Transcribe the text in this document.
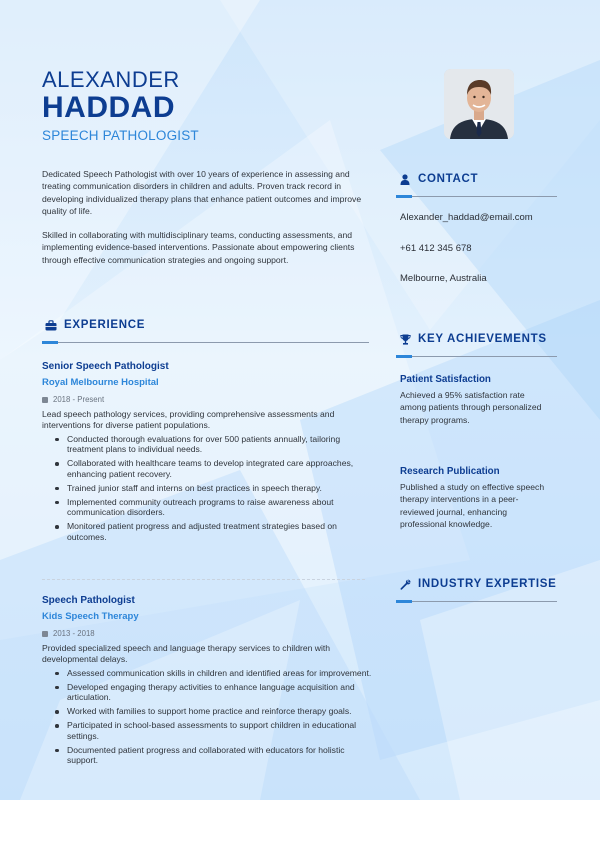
ALEXANDER
HADDAD
SPEECH PATHOLOGIST

Dedicated Speech Pathologist with over 10 years of experience in assessing and treating communication disorders in children and adults. Proven track record in developing individualized therapy plans that enhance patient outcomes and improve quality of life.

Skilled in collaborating with multidisciplinary teams, conducting assessments, and implementing evidence-based interventions. Passionate about empowering clients through effective communication strategies and ongoing support.

EXPERIENCE
Senior Speech Pathologist
Royal Melbourne Hospital
2018 - Present
Lead speech pathology services, providing comprehensive assessments and interventions for diverse patient populations.
Conducted thorough evaluations for over 500 patients annually, tailoring treatment plans to individual needs.
Collaborated with healthcare teams to develop integrated care approaches, enhancing patient recovery.
Trained junior staff and interns on best practices in speech therapy.
Implemented community outreach programs to raise awareness about communication disorders.
Monitored patient progress and adjusted treatment strategies based on outcomes.
Speech Pathologist
Kids Speech Therapy
2013 - 2018
Provided specialized speech and language therapy services to children with developmental delays.
Assessed communication skills in children and identified areas for improvement.
Developed engaging therapy activities to enhance language acquisition and articulation.
Worked with families to support home practice and reinforce therapy goals.
Participated in school-based assessments to support children in educational settings.
Documented patient progress and collaborated with educators for holistic support.
CONTACT
Alexander_haddad@email.com
+61 412 345 678
Melbourne, Australia
KEY ACHIEVEMENTS
Patient Satisfaction
Achieved a 95% satisfaction rate among patients through personalized therapy programs.
Research Publication
Published a study on effective speech therapy interventions in a peer-reviewed journal, enhancing professional knowledge.
INDUSTRY EXPERTISE
